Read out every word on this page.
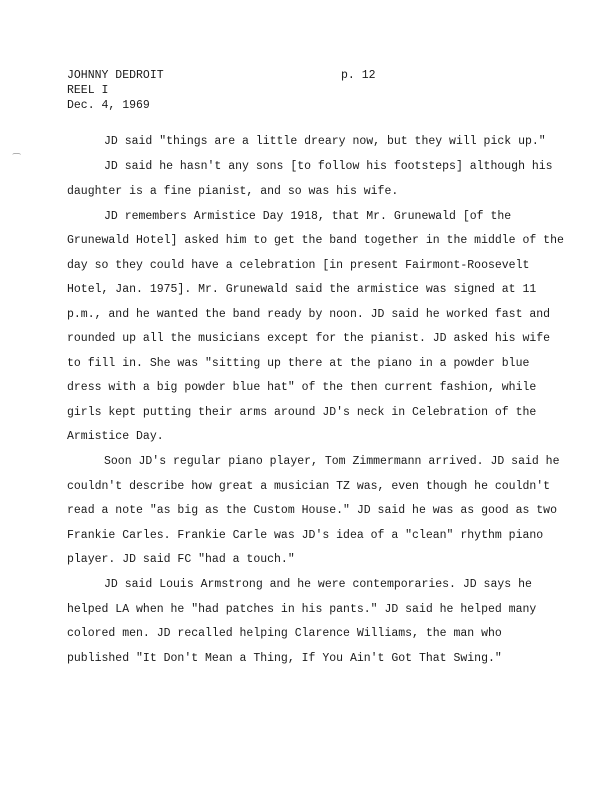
JOHNNY DEDROIT
REEL I
Dec. 4, 1969
p. 12
⁀

JD said "things are a little dreary now, but they will pick up."

JD said he hasn't any sons [to follow his footsteps] although his daughter is a fine pianist, and so was his wife.

JD remembers Armistice Day 1918, that Mr. Grunewald [of the Grunewald Hotel] asked him to get the band together in the middle of the day so they could have a celebration [in present Fairmont-Roosevelt Hotel, Jan. 1975]. Mr. Grunewald said the armistice was signed at 11 p.m., and he wanted the band ready by noon. JD said he worked fast and rounded up all the musicians except for the pianist. JD asked his wife to fill in. She was "sitting up there at the piano in a powder blue dress with a big powder blue hat" of the then current fashion, while girls kept putting their arms around JD's neck in Celebration of the Armistice Day.

Soon JD's regular piano player, Tom Zimmermann arrived. JD said he couldn't describe how great a musician TZ was, even though he couldn't read a note "as big as the Custom House." JD said he was as good as two Frankie Carles. Frankie Carle was JD's idea of a "clean" rhythm piano player. JD said FC "had a touch."

JD said Louis Armstrong and he were contemporaries. JD says he helped LA when he "had patches in his pants." JD said he helped many colored men. JD recalled helping Clarence Williams, the man who published "It Don't Mean a Thing, If You Ain't Got That Swing."
